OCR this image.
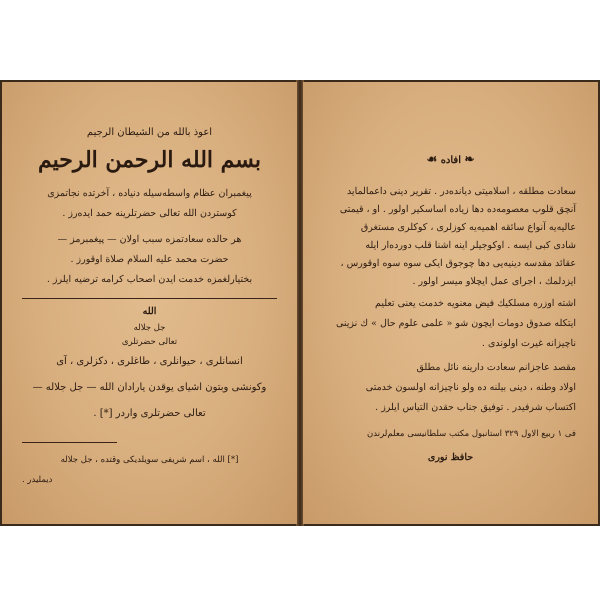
اعوذ بالله من الشيطان الرجيم
بسم الله الرحمن الرحيم
پیغمبران عظام واسطه‌سیله دنیاده ، آخرتده نجاتمزی
كوستردن الله تعالى حضرتلرینه حمد ایدەرز .
هر حالده سعادتمزه سبب اولان — پیغمبرمز —
حضرت محمد علیه السلام صلاة اوقورز .
بختیارلغمزه خدمت ایدن اصحاب كرامه ترضیه ایلرز .
الله
جل جلاله
تعالى حضرتلری
انسانلری ، حیوانلری ، طاغلری ، دكزلری ، آی
وكونشی وبتون اشیای یوقدن یارادان الله — جل جلاله —
تعالى حضرتلری واردر [*] .
[*] الله ، اسم شریفی سویلدیكی وقتده ، جل جلاله
دیملیدر .
❧ افاده ☙
سعادت مطلقه ، اسلامیتی دیانده‌در . تقریر دینی داعمالماید
آنچق قلوب معصومه‌ده دها زیاده اساسكیر اولور . او ، قیمتی
عاليه‌یه آنواع سائقه اهمیه‌یه کوزلری ، كوكلری مستغرق
شادی کبی ایسه . اوکوجیلر اینه اشنا قلب دورده‌ار ایله
عقائد مقدسه دینیه‌یی دها چوجوق ایکی سوه سوه اوقورس ،
ایزدلمك ، اجرای عمل ایچلاو میسر اولور .
اشته اوزره مسلكیك فیض معنویه خدمت یعنی تعلیم
ایتکله صدوق دومات ایچون شو « علمی علوم حال » ك نزینی
ناچیزانه غیرت اولوندی .
مقصد عاجزانم سعادت دارینه نائل مطلق
اولاد وطنه ، دینی بیلنه ده ولو ناچیزانه اولسون خدمتی
اكتساب شرفیدر . توفیق جناب حقدن التیاس ایلرز .
فی ۱ ربیع الاول ۳۲۹ استانبول مكتب سلطانیسی معلم‌لرندن
حافظ نوری
